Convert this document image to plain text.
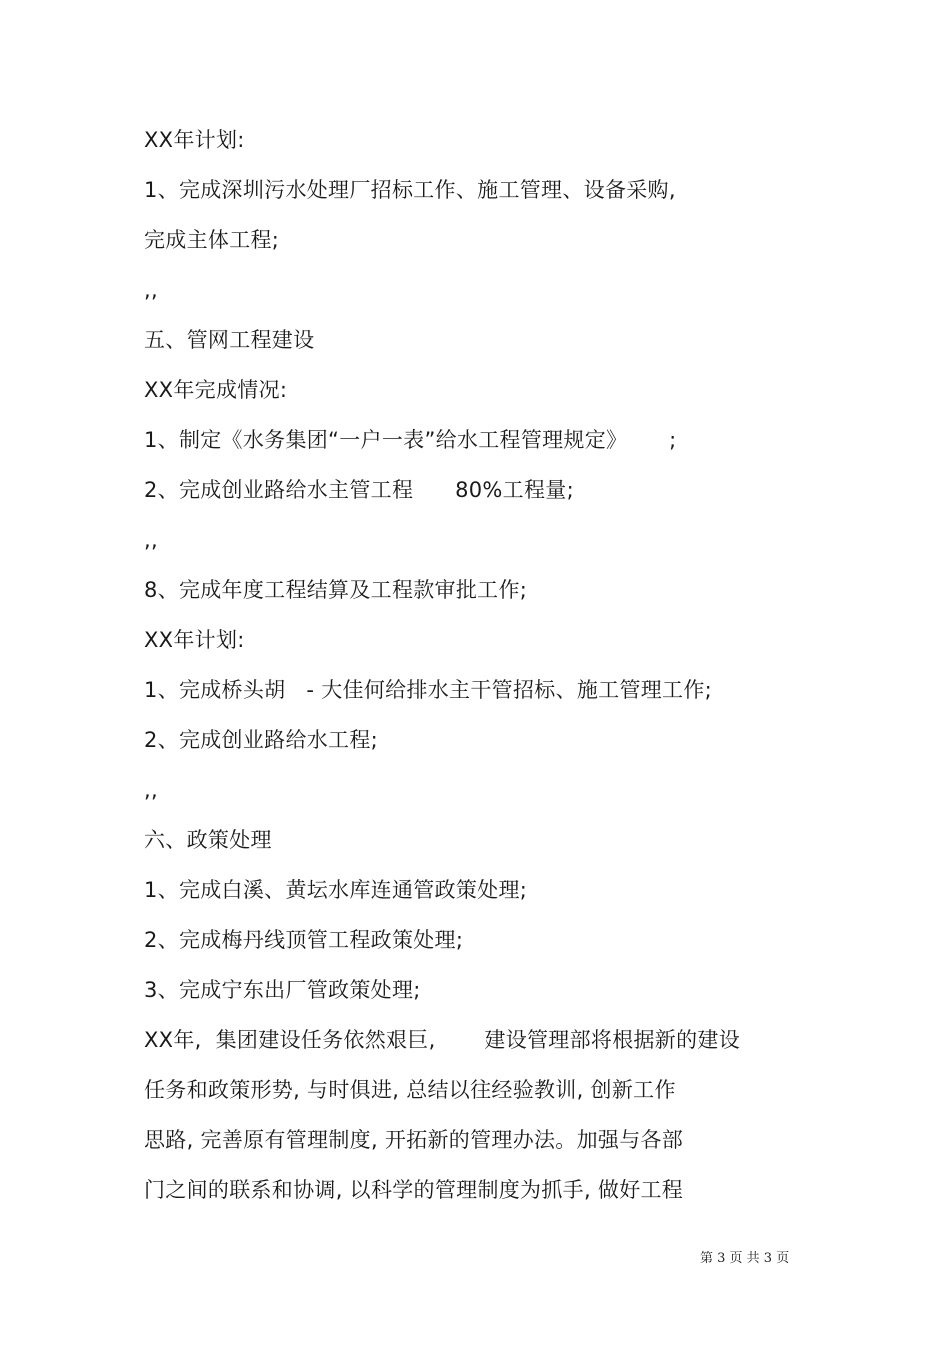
XX年计划:
1、完成深圳污水处理厂招标工作、施工管理、设备采购,
完成主体工程;
,,
五、管网工程建设
XX年完成情况:
1、制定《水务集团“一户一表”给水工程管理规定》      ;
2、完成创业路给水主管工程      80%工程量;
,,
8、完成年度工程结算及工程款审批工作;
XX年计划:
1、完成桥头胡   - 大佳何给排水主干管招标、施工管理工作;
2、完成创业路给水工程;
,,
六、政策处理
1、完成白溪、黄坛水库连通管政策处理;
2、完成梅丹线顶管工程政策处理;
3、完成宁东出厂管政策处理;
XX年,  集团建设任务依然艰巨,       建设管理部将根据新的建设
任务和政策形势, 与时俱进, 总结以往经验教训, 创新工作
思路, 完善原有管理制度, 开拓新的管理办法。加强与各部
门之间的联系和协调, 以科学的管理制度为抓手, 做好工程
第 3 页 共 3 页
